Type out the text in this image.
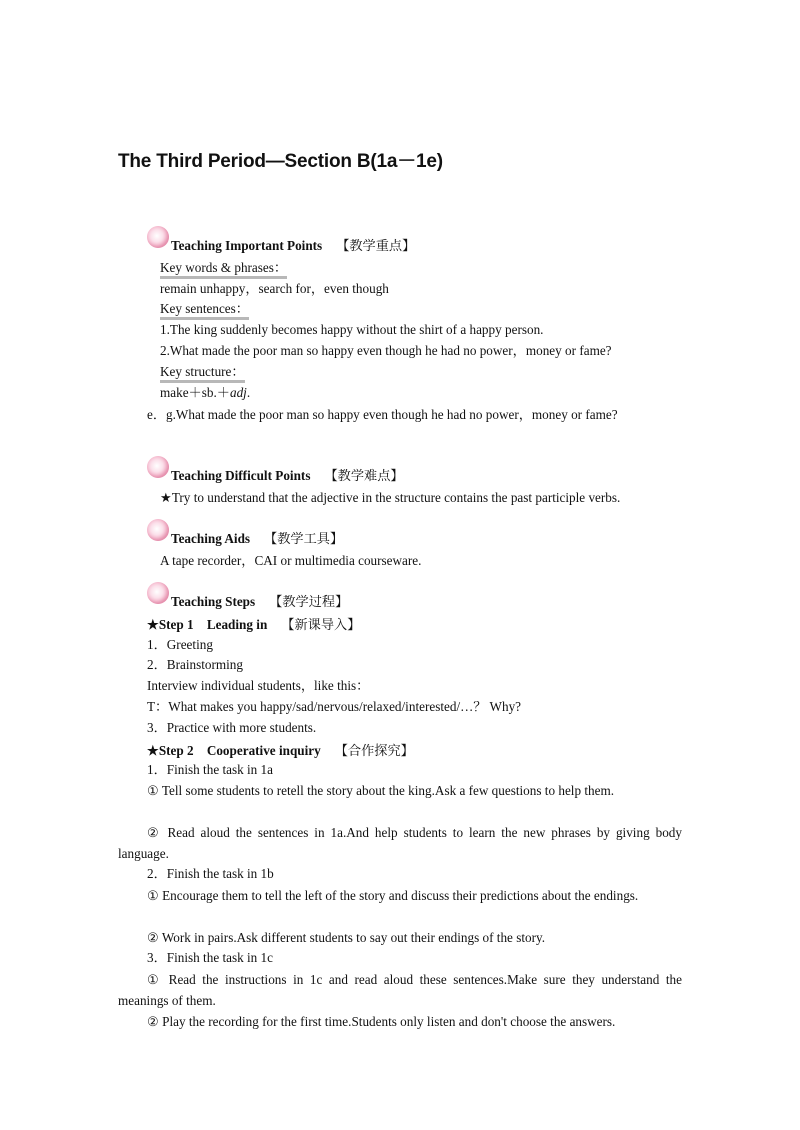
The Third Period—Section B(1a－1e)
Teaching Important Points 【教学重点】
Key words & phrases：
remain unhappy，search for，even though
Key sentences：
1.The king suddenly becomes happy without the shirt of a happy person.
2.What made the poor man so happy even though he had no power，money or fame?
Key structure：
make＋sb.＋adj.
e．g.What made the poor man so happy even though he had no power，money or fame?
Teaching Difficult Points 【教学难点】
★Try to understand that the adjective in the structure contains the past participle verbs.
Teaching Aids 【教学工具】
A tape recorder，CAI or multimedia courseware.
Teaching Steps 【教学过程】
★Step 1　Leading in 【新课导入】
1．Greeting
2．Brainstorming
Interview individual students，like this：
T：What makes you happy/sad/nervous/relaxed/interested/…？ Why?
3．Practice with more students.
★Step 2　Cooperative inquiry 【合作探究】
1．Finish the task in 1a
① Tell some students to retell the story about the king.Ask a few questions to help them.
② Read aloud the sentences in 1a.And help students to learn the new phrases by giving body language.
2．Finish the task in 1b
① Encourage them to tell the left of the story and discuss their predictions about the endings.
② Work in pairs.Ask different students to say out their endings of the story.
3．Finish the task in 1c
① Read the instructions in 1c and read aloud these sentences.Make sure they understand the meanings of them.
② Play the recording for the first time.Students only listen and don't choose the answers.
